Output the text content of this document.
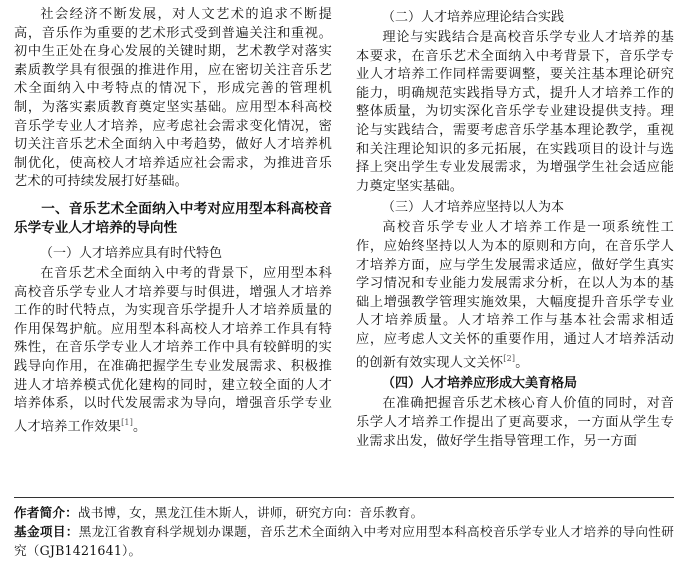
社会经济不断发展，对人文艺术的追求不断提高，音乐作为重要的艺术形式受到普遍关注和重视。初中生正处在身心发展的关键时期，艺术教学对落实素质教学具有很强的推进作用，应在密切关注音乐艺术全面纳入中考特点的情况下，形成完善的管理机制，为落实素质教育奠定坚实基础。应用型本科高校音乐学专业人才培养，应考虑社会需求变化情况，密切关注音乐艺术全面纳入中考趋势，做好人才培养机制优化，使高校人才培养适应社会需求，为推进音乐艺术的可持续发展打好基础。

一、音乐艺术全面纳入中考对应用型本科高校音乐学专业人才培养的导向性
（一）人才培养应具有时代特色

在音乐艺术全面纳入中考的背景下，应用型本科高校音乐学专业人才培养要与时俱进，增强人才培养工作的时代特点，为实现音乐学提升人才培养质量的作用保驾护航。应用型本科高校人才培养工作具有特殊性，在音乐学专业人才培养工作中具有较鲜明的实践导向作用，在准确把握学生专业发展需求、积极推进人才培养模式优化建构的同时，建立较全面的人才培养体系，以时代发展需求为导向，增强音乐学专业人才培养工作效果[1]。

（二）人才培养应理论结合实践

理论与实践结合是高校音乐学专业人才培养的基本要求，在音乐艺术全面纳入中考背景下，音乐学专业人才培养工作同样需要调整，要关注基本理论研究能力，明确规范实践指导方式，提升人才培养工作的整体质量，为切实深化音乐学专业建设提供支持。理论与实践结合，需要考虑音乐学基本理论教学，重视和关注理论知识的多元拓展，在实践项目的设计与选择上突出学生专业发展需求，为增强学生社会适应能力奠定坚实基础。

（三）人才培养应坚持以人为本

高校音乐学专业人才培养工作是一项系统性工作，应始终坚持以人为本的原则和方向，在音乐学人才培养方面，应与学生发展需求适应，做好学生真实学习情况和专业能力发展需求分析，在以人为本的基础上增强教学管理实施效果，大幅度提升音乐学专业人才培养质量。人才培养工作与基本社会需求相适应，应考虑人文关怀的重要作用，通过人才培养活动的创新有效实现人文关怀[2]。

（四）人才培养应形成大美育格局

在准确把握音乐艺术核心育人价值的同时，对音乐学人才培养工作提出了更高要求，一方面从学生专业需求出发，做好学生指导管理工作，另一方面

作者简介：战书博，女，黑龙江佳木斯人，讲师，研究方向：音乐教育。

基金项目：黑龙江省教育科学规划办课题，音乐艺术全面纳入中考对应用型本科高校音乐学专业人才培养的导向性研究（GJB1421641）。
